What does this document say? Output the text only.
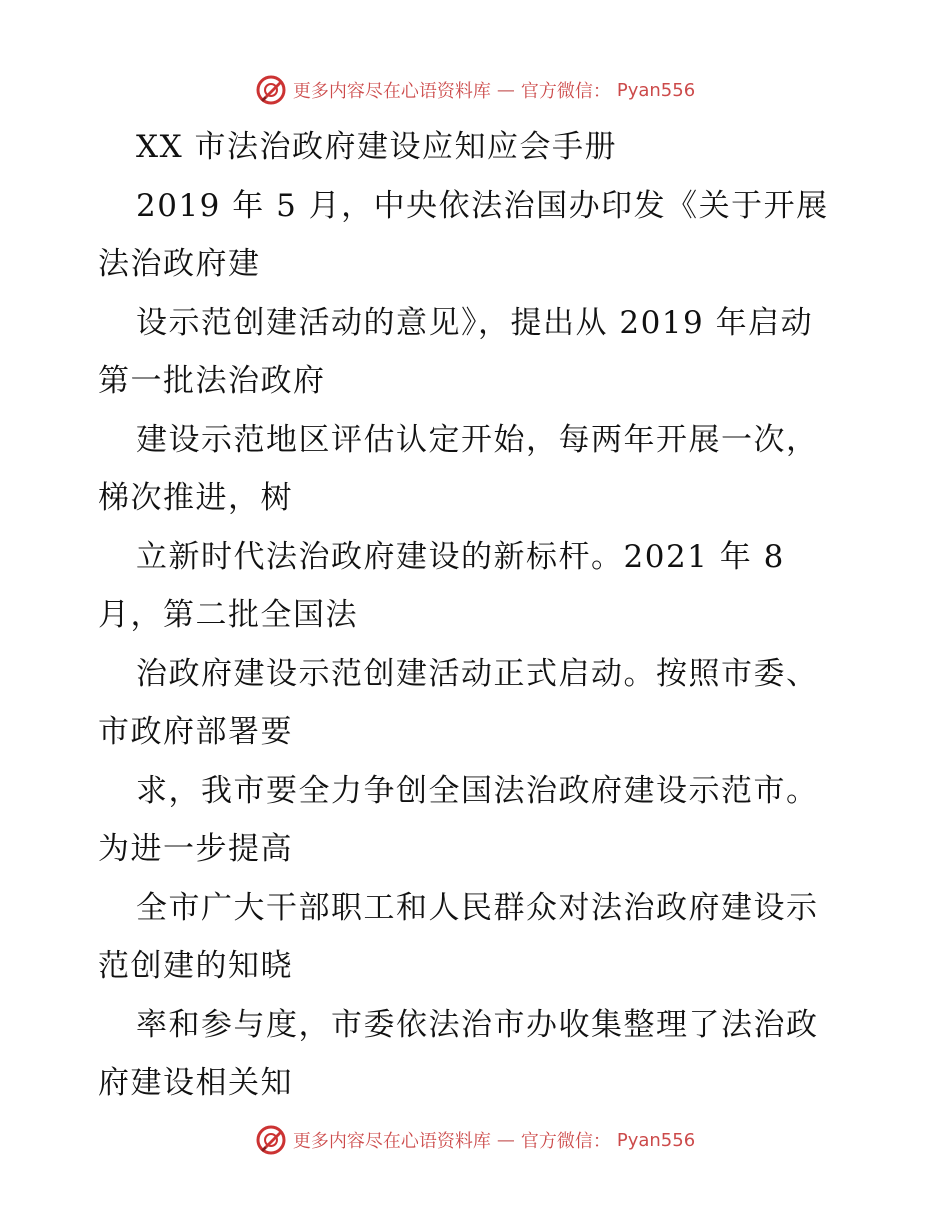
更多内容尽在心语资料库 — 官方微信： Pyan556
XX 市法治政府建设应知应会手册
2019 年 5 月，中央依法治国办印发《关于开展
法治政府建
设示范创建活动的意见》，提出从 2019 年启动
第一批法治政府
建设示范地区评估认定开始，每两年开展一次，
梯次推进，树
立新时代法治政府建设的新标杆。2021 年 8
月，第二批全国法
治政府建设示范创建活动正式启动。按照市委、
市政府部署要
求，我市要全力争创全国法治政府建设示范市。
为进一步提高
全市广大干部职工和人民群众对法治政府建设示
范创建的知晓
率和参与度，市委依法治市办收集整理了法治政
府建设相关知
更多内容尽在心语资料库 — 官方微信： Pyan556
